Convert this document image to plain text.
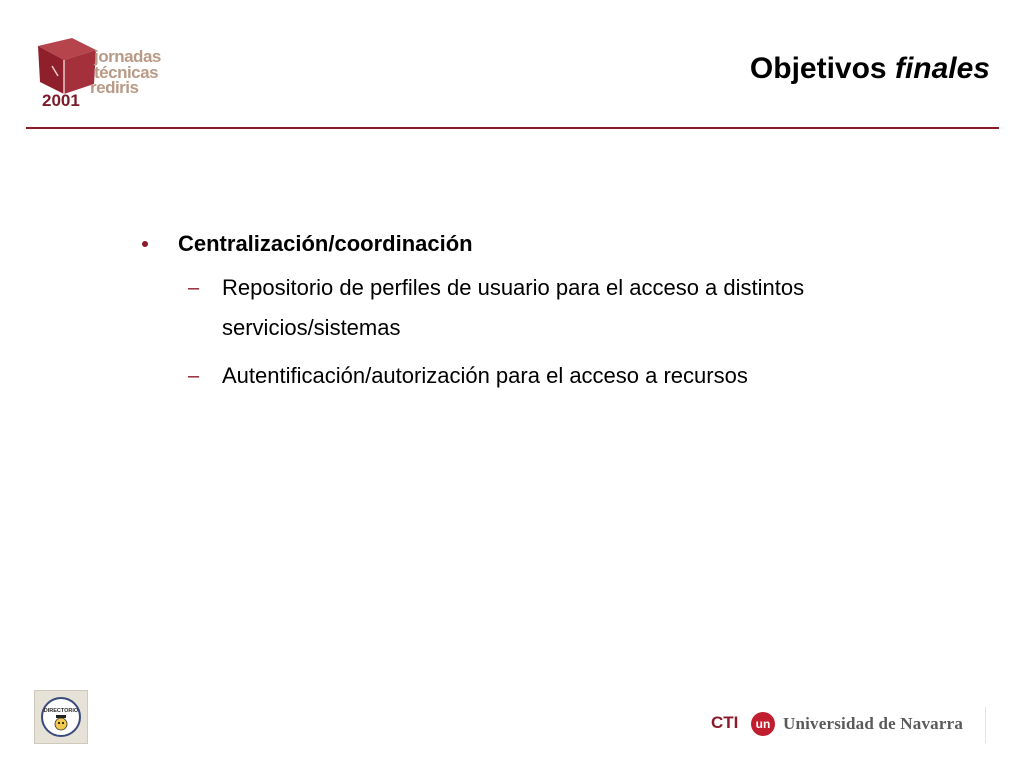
jornadas
técnicas
rediris
2001
Objetivos finales
Centralización/coordinación
– Repositorio de perfiles de usuario para el acceso a distintos servicios/sistemas
– Autentificación/autorización para el acceso a recursos
DIRECTORIO
CTI	un Universidad de Navarra
